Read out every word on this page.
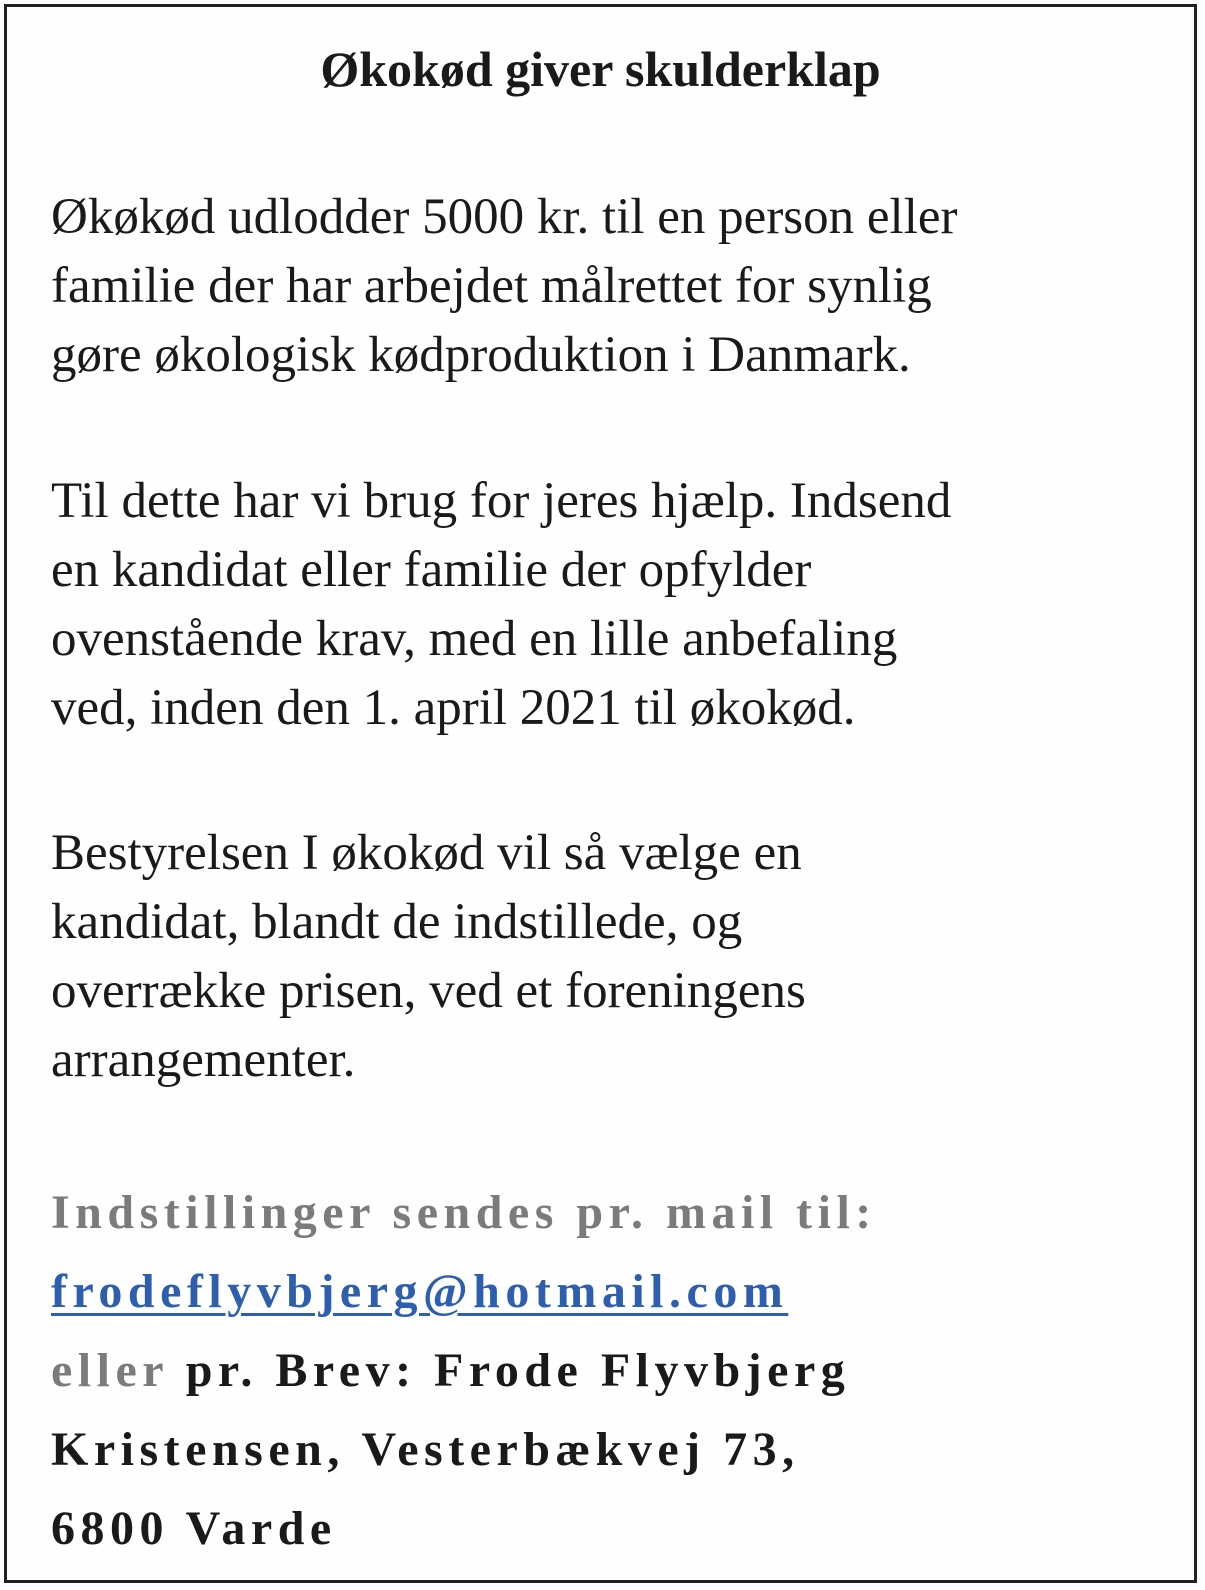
Økokød giver skulderklap

Økøkød udlodder 5000 kr. til en person eller
familie der har arbejdet målrettet for synlig
gøre økologisk kødproduktion i Danmark.

Til dette har vi brug for jeres hjælp. Indsend
en kandidat eller familie der opfylder
ovenstående krav, med en lille anbefaling
ved, inden den 1. april 2021 til økokød.

Bestyrelsen I økokød vil så vælge en
kandidat, blandt de indstillede, og
overrække prisen, ved et foreningens
arrangementer.

Indstillinger sendes pr. mail til:
frodeflyvbjerg@hotmail.com
eller pr. Brev: Frode Flyvbjerg
Kristensen, Vesterbækvej 73,
6800 Varde
